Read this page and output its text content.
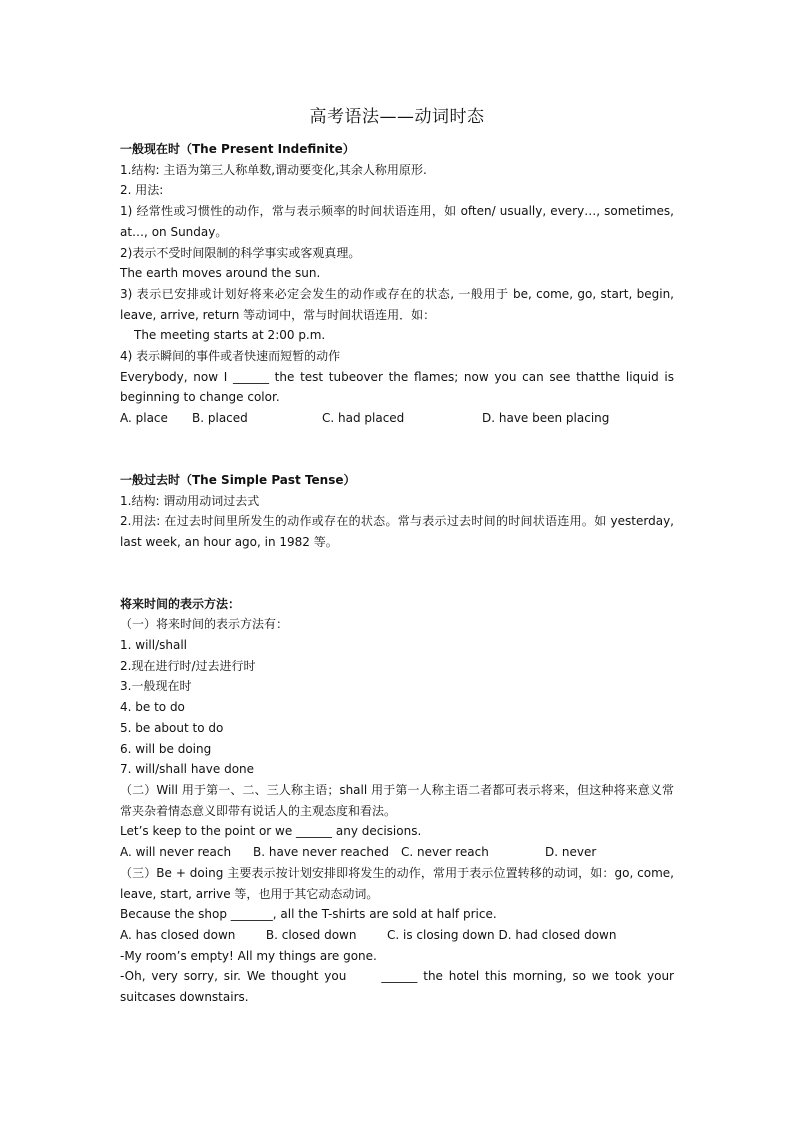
高考语法——动词时态
一般现在时（The Present Indefinite）
1.结构: 主语为第三人称单数,谓动要变化,其余人称用原形.
2. 用法:
1) 经常性或习惯性的动作，常与表示频率的时间状语连用，如 often/ usually, every…, sometimes, at…, on Sunday。
2)表示不受时间限制的科学事实或客观真理。
The earth moves around the sun.
3) 表示已安排或计划好将来必定会发生的动作或存在的状态, 一般用于 be, come, go, start, begin, leave, arrive, return 等动词中，常与时间状语连用．如：
The meeting starts at 2:00 p.m.
4) 表示瞬间的事件或者快速而短暂的动作
Everybody, now I ______ the test tubeover the flames; now you can see thatthe liquid is beginning to change color.
A. place	B. placed	C. had placed	D. have been placing
一般过去时（The Simple Past Tense）
1.结构: 谓动用动词过去式
2.用法: 在过去时间里所发生的动作或存在的状态。常与表示过去时间的时间状语连用。如 yesterday, last week, an hour ago, in 1982 等。
将来时间的表示方法：
（一）将来时间的表示方法有：
1. will/shall
2.现在进行时/过去进行时
3.一般现在时
4. be to do
5. be about to do
6. will be doing
7. will/shall have done
（二）Will 用于第一、二、三人称主语；shall 用于第一人称主语二者都可表示将来，但这种将来意义常常夹杂着情态意义即带有说话人的主观态度和看法。
Let’s keep to the point or we ______ any decisions.
A. will never reach	B. have never reached	C. never reach	D. never
（三）Be + doing 主要表示按计划安排即将发生的动作，常用于表示位置转移的动词，如：go, come, leave, start, arrive 等，也用于其它动态动词。
Because the shop _______, all the T-shirts are sold at half price.
A. has closed down        B. closed down        C. is closing down D. had closed down
-My room’s empty! All my things are gone.
-Oh, very sorry, sir. We thought you      ______ the hotel this morning, so we took your suitcases downstairs.
